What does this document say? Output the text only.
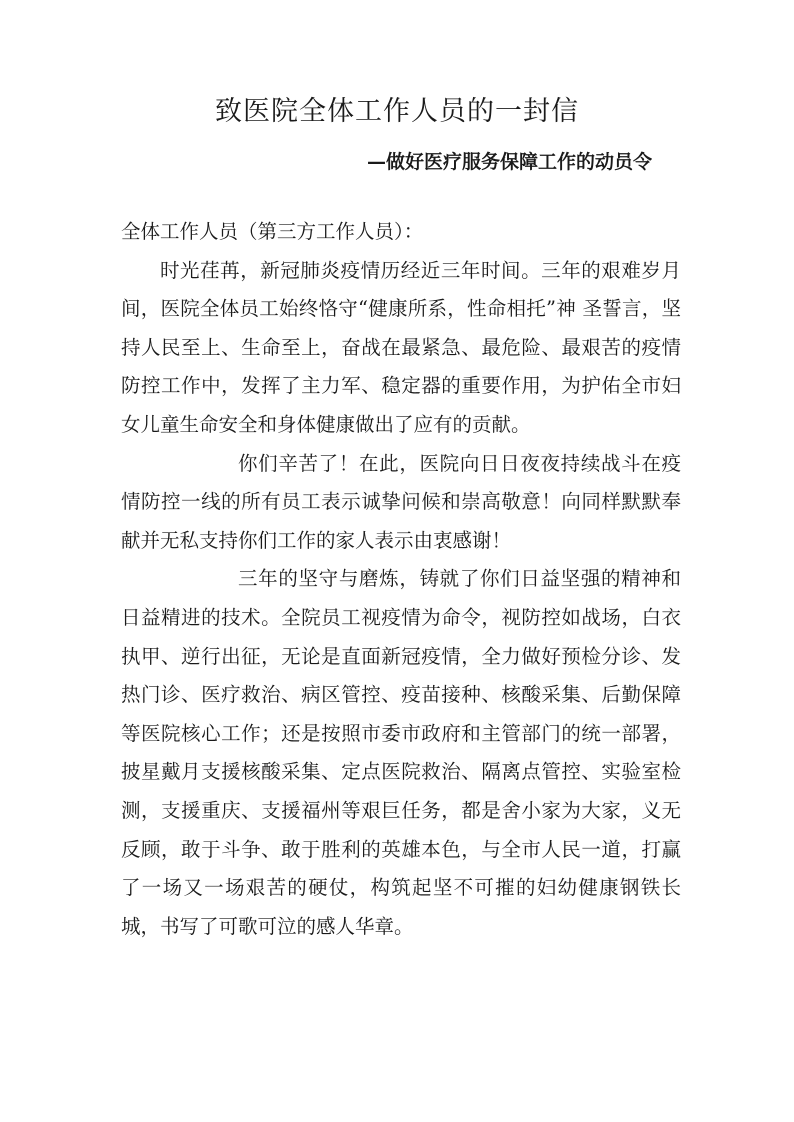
致医院全体工作人员的一封信
—做好医疗服务保障工作的动员令

全体工作人员（第三方工作人员）：

时光荏苒，新冠肺炎疫情历经近三年时间。三年的艰难岁月间，医院全体员工始终恪守“健康所系，性命相托”神 圣誓言，坚持人民至上、生命至上，奋战在最紧急、最危险、最艰苦的疫情防控工作中，发挥了主力军、稳定器的重要作用，为护佑全市妇女儿童生命安全和身体健康做出了应有的贡献。

你们辛苦了！在此，医院向日日夜夜持续战斗在疫情防控一线的所有员工表示诚挚问候和崇高敬意！向同样默默奉献并无私支持你们工作的家人表示由衷感谢！

三年的坚守与磨炼，铸就了你们日益坚强的精神和日益精进的技术。全院员工视疫情为命令，视防控如战场，白衣执甲、逆行出征，无论是直面新冠疫情，全力做好预检分诊、发热门诊、医疗救治、病区管控、疫苗接种、核酸采集、后勤保障等医院核心工作；还是按照市委市政府和主管部门的统一部署，披星戴月支援核酸采集、定点医院救治、隔离点管控、实验室检测，支援重庆、支援福州等艰巨任务，都是舍小家为大家，义无反顾，敢于斗争、敢于胜利的英雄本色，与全市人民一道，打赢了一场又一场艰苦的硬仗，构筑起坚不可摧的妇幼健康钢铁长城，书写了可歌可泣的感人华章。
